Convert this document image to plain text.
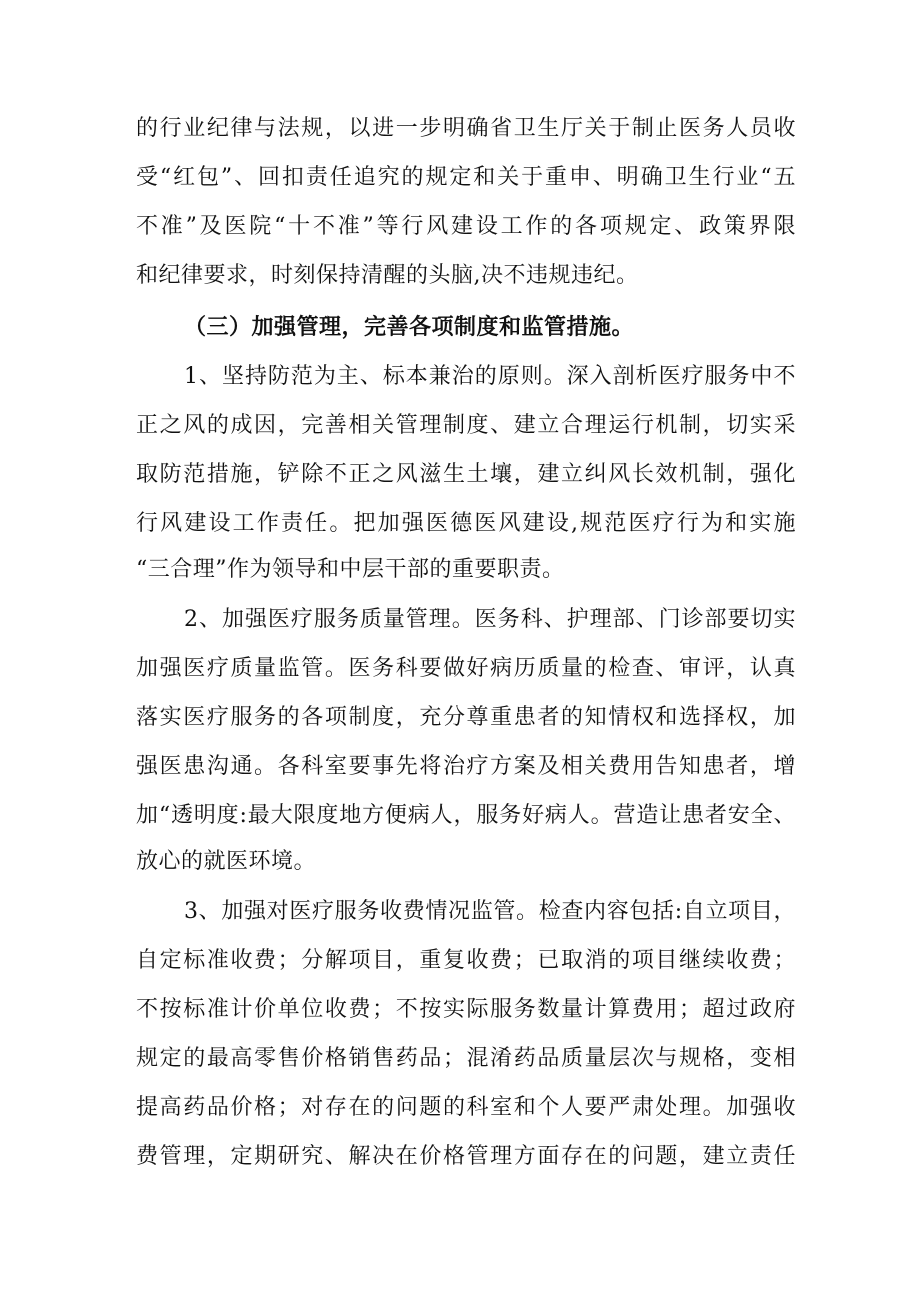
的行业纪律与法规，以进一步明确省卫生厅关于制止医务人员收
受“红包”、回扣责任追究的规定和关于重申、明确卫生行业“五
不准”及医院“十不准”等行风建设工作的各项规定、政策界限
和纪律要求，时刻保持清醒的头脑,决不违规违纪。
（三）加强管理，完善各项制度和监管措施。
1、坚持防范为主、标本兼治的原则。深入剖析医疗服务中不
正之风的成因，完善相关管理制度、建立合理运行机制，切实采
取防范措施，铲除不正之风滋生土壤，建立纠风长效机制，强化
行风建设工作责任。把加强医德医风建设,规范医疗行为和实施
“三合理”作为领导和中层干部的重要职责。
2、加强医疗服务质量管理。医务科、护理部、门诊部要切实
加强医疗质量监管。医务科要做好病历质量的检查、审评，认真
落实医疗服务的各项制度，充分尊重患者的知情权和选择权，加
强医患沟通。各科室要事先将治疗方案及相关费用告知患者，增
加“透明度:最大限度地方便病人，服务好病人。营造让患者安全、
放心的就医环境。
3、加强对医疗服务收费情况监管。检查内容包括:自立项目，
自定标准收费；分解项目，重复收费；已取消的项目继续收费；
不按标准计价单位收费；不按实际服务数量计算费用；超过政府
规定的最高零售价格销售药品；混淆药品质量层次与规格，变相
提高药品价格；对存在的问题的科室和个人要严肃处理。加强收
费管理，定期研究、解决在价格管理方面存在的问题，建立责任
